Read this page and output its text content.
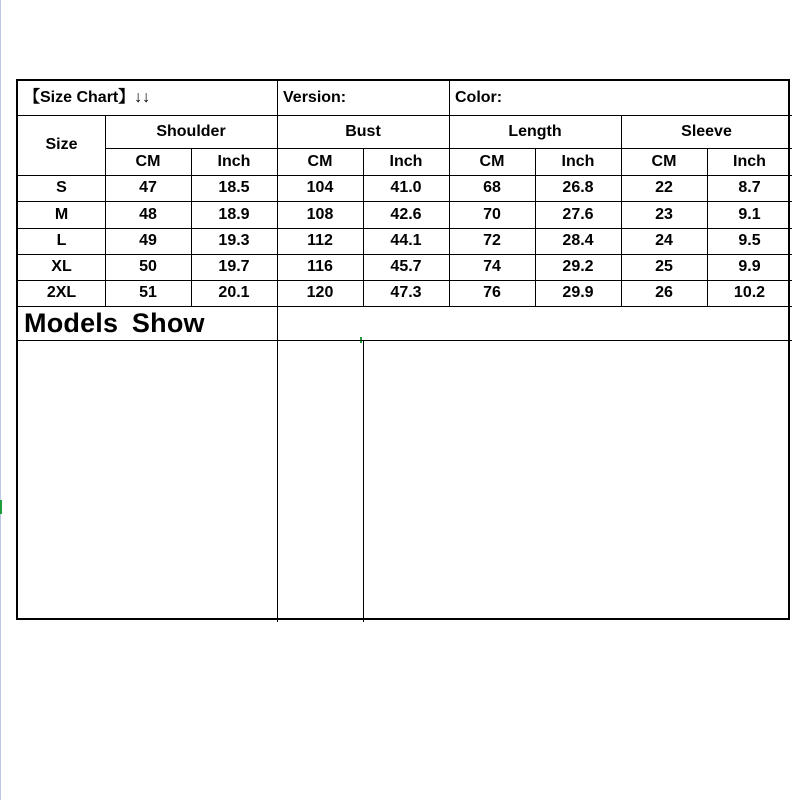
【Size Chart】↓↓	Version:	Color:
Size
Shoulder	Bust	Length	Sleeve
CM	Inch	CM	Inch	CM	Inch	CM	Inch
S	47	18.5	104	41.0	68	26.8	22	8.7
M	48	18.9	108	42.6	70	27.6	23	9.1
L	49	19.3	112	44.1	72	28.4	24	9.5
XL	50	19.7	116	45.7	74	29.2	25	9.9
2XL	51	20.1	120	47.3	76	29.9	26	10.2
Models Show
